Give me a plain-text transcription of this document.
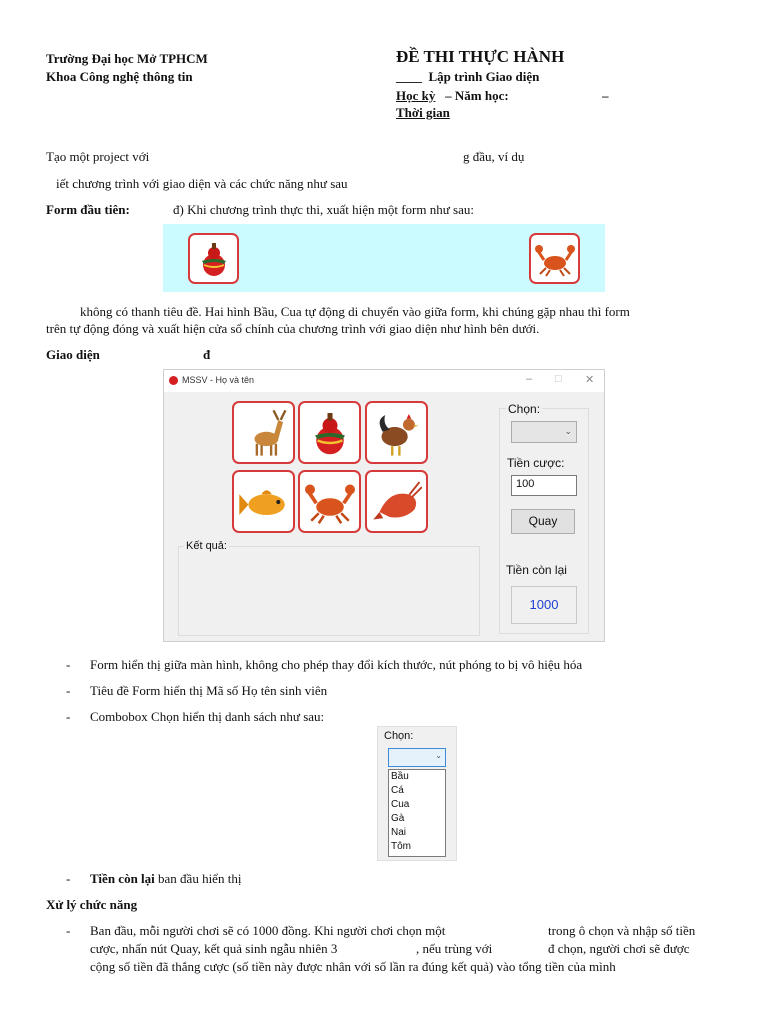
Trường Đại học Mở TPHCM
Khoa Công nghệ thông tin
ĐỀ THI THỰC HÀNH
____ Lập trình Giao diện
Học kỳ – Năm học:	–
Thời gian
Tạo một project với	g đầu, ví dụ
iết chương trình với giao diện và các chức năng như sau
Form đầu tiên:	đ) Khi chương trình thực thi, xuất hiện một form như sau:
không có thanh tiêu đề. Hai hình Bầu, Cua tự động di chuyển vào giữa form, khi chúng gặp nhau thì form
trên tự động đóng và xuất hiện cửa sổ chính của chương trình với giao diện như hình bên dưới.
Giao diện	đ
MSSV - Họ và tên	– □ ✕
Kết quả:
Chọn:
⌄
Tiền cược:
100
Quay
Tiền còn lại
1000
- Form hiển thị giữa màn hình, không cho phép thay đổi kích thước, nút phóng to bị vô hiệu hóa
- Tiêu đề Form hiển thị Mã số Họ tên sinh viên
- Combobox Chọn hiển thị danh sách như sau:
Chọn:
⌄
Bầu
Cá
Cua
Gà
Nai
Tôm
- Tiền còn lại ban đầu hiển thị
Xử lý chức năng
- Ban đầu, mỗi người chơi sẽ có 1000 đồng. Khi người chơi chọn một	trong ô chọn và nhập số tiền
cược, nhấn nút Quay, kết quả sinh ngẫu nhiên 3	, nếu trùng với	đ chọn, người chơi sẽ được
cộng số tiền đã thắng cược (số tiền này được nhân với số lần ra đúng kết quả) vào tổng tiền của mình
